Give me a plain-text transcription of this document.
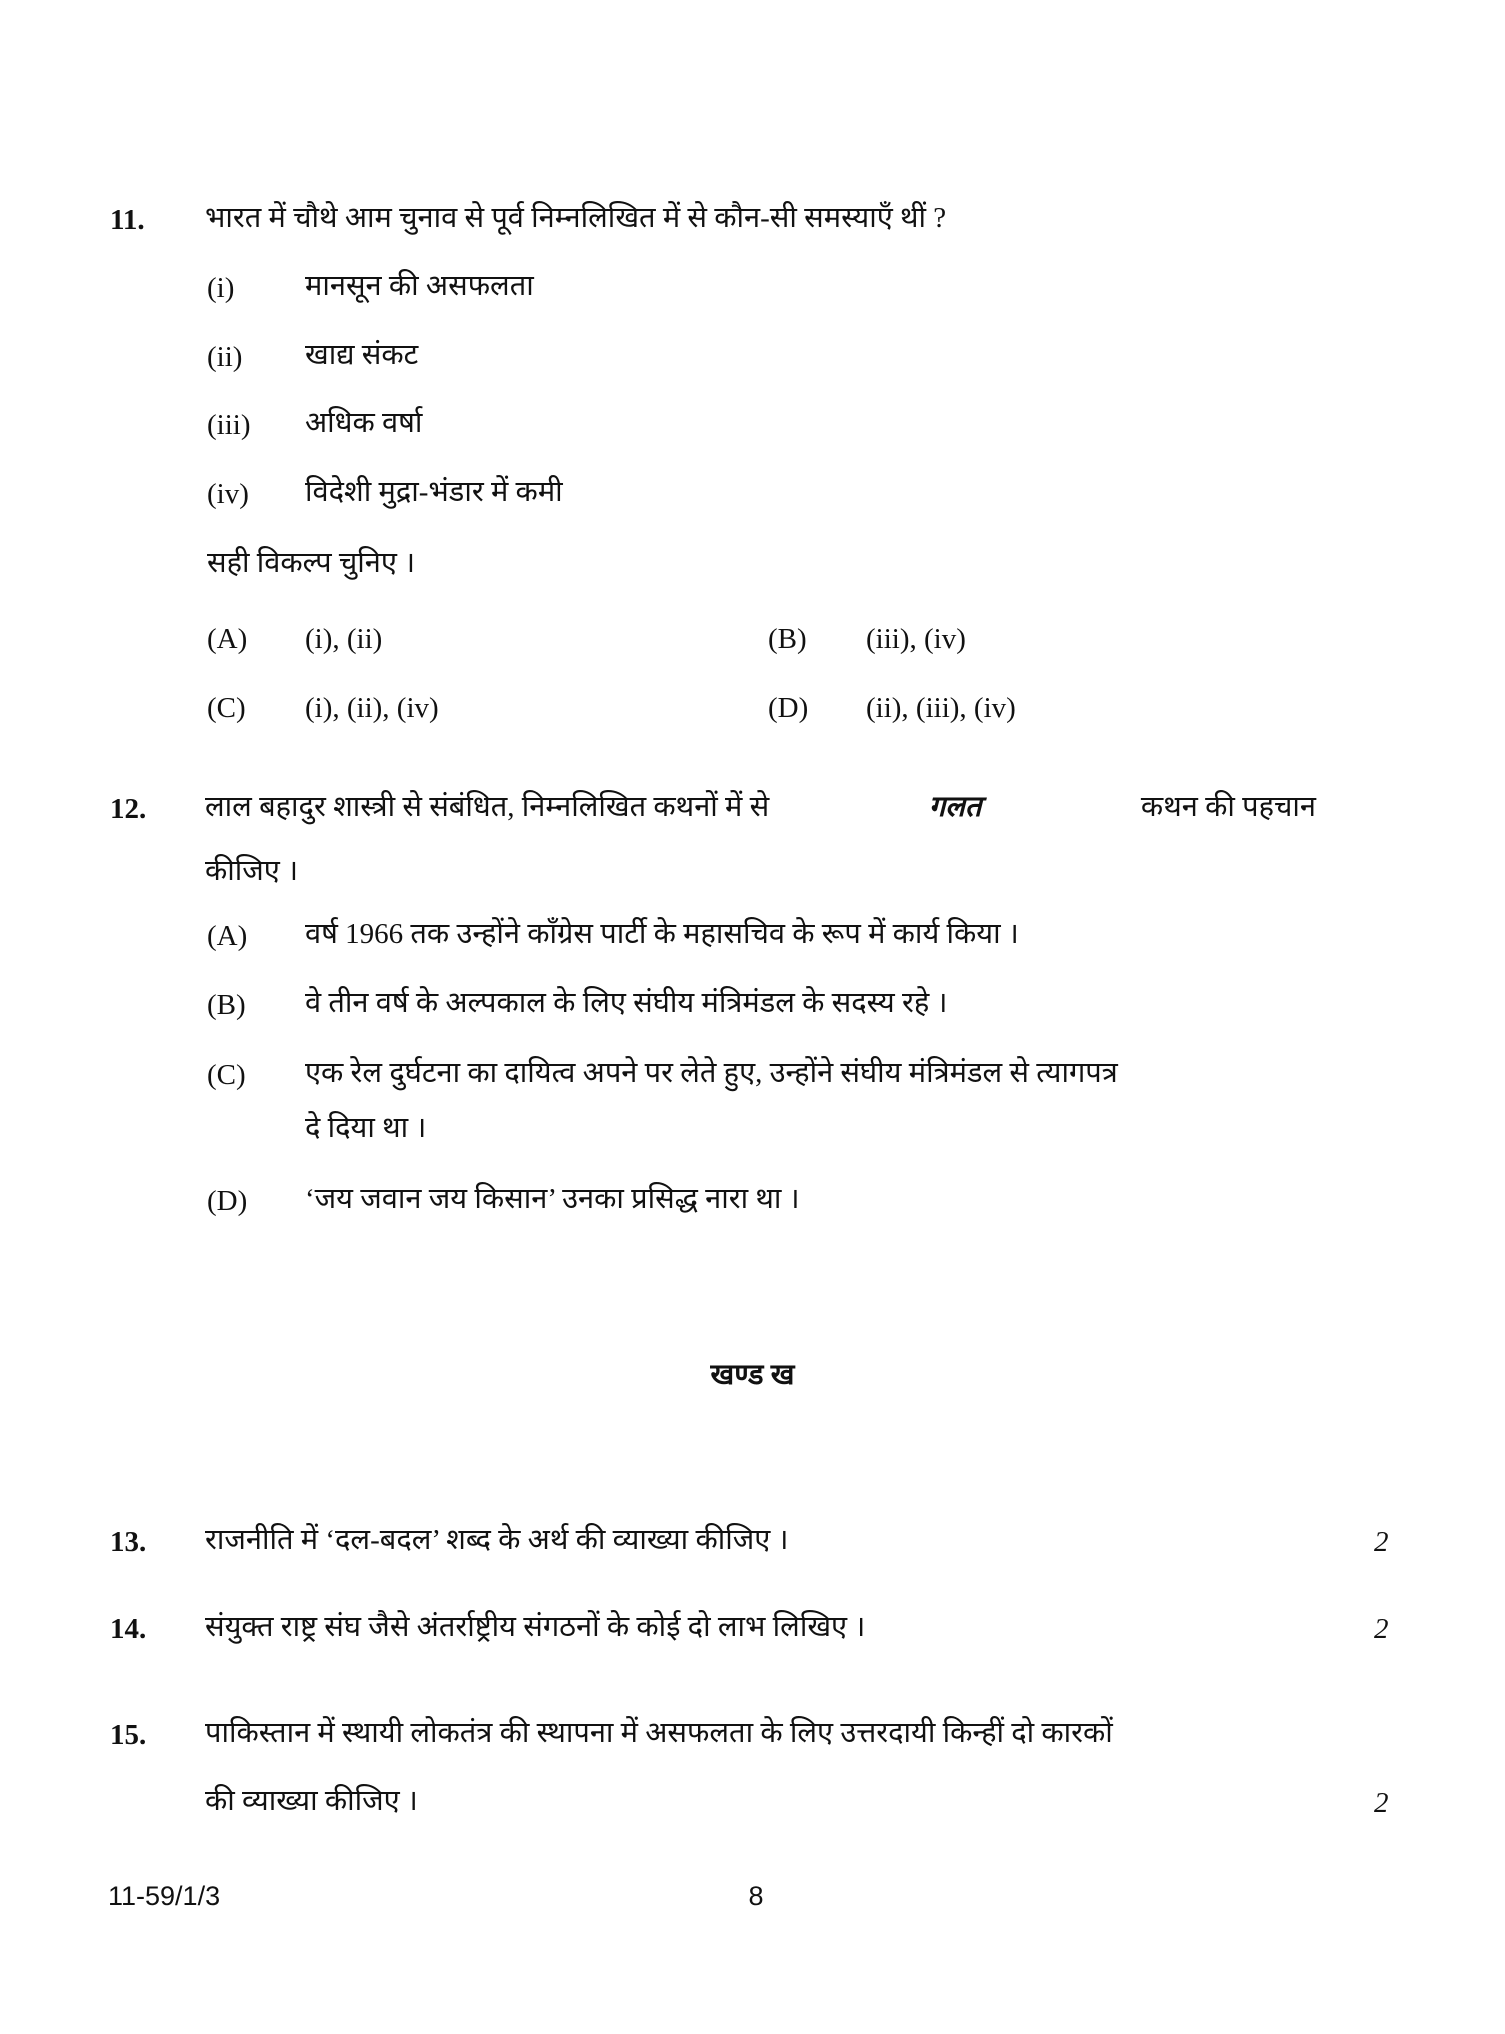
11. भारत में चौथे आम चुनाव से पूर्व निम्नलिखित में से कौन-सी समस्याएँ थीं ?
(i) मानसून की असफलता
(ii) खाद्य संकट
(iii) अधिक वर्षा
(iv) विदेशी मुद्रा-भंडार में कमी
सही विकल्प चुनिए ।
(A) (i), (ii)	(B) (iii), (iv)
(C) (i), (ii), (iv)	(D) (ii), (iii), (iv)
12. लाल बहादुर शास्त्री से संबंधित, निम्नलिखित कथनों में से	गलत	कथन की पहचान
कीजिए ।
(A) वर्ष 1966 तक उन्होंने काँग्रेस पार्टी के महासचिव के रूप में कार्य किया ।
(B) वे तीन वर्ष के अल्पकाल के लिए संघीय मंत्रिमंडल के सदस्य रहे ।
(C) एक रेल दुर्घटना का दायित्व अपने पर लेते हुए, उन्होंने संघीय मंत्रिमंडल से त्यागपत्र
दे दिया था ।
(D) ‘जय जवान जय किसान’ उनका प्रसिद्ध नारा था ।
खण्ड ख
13. राजनीति में ‘दल-बदल’ शब्द के अर्थ की व्याख्या कीजिए ।	2
14. संयुक्त राष्ट्र संघ जैसे अंतर्राष्ट्रीय संगठनों के कोई दो लाभ लिखिए ।	2
15. पाकिस्तान में स्थायी लोकतंत्र की स्थापना में असफलता के लिए उत्तरदायी किन्हीं दो कारकों
की व्याख्या कीजिए ।	2
11-59/1/3	8
